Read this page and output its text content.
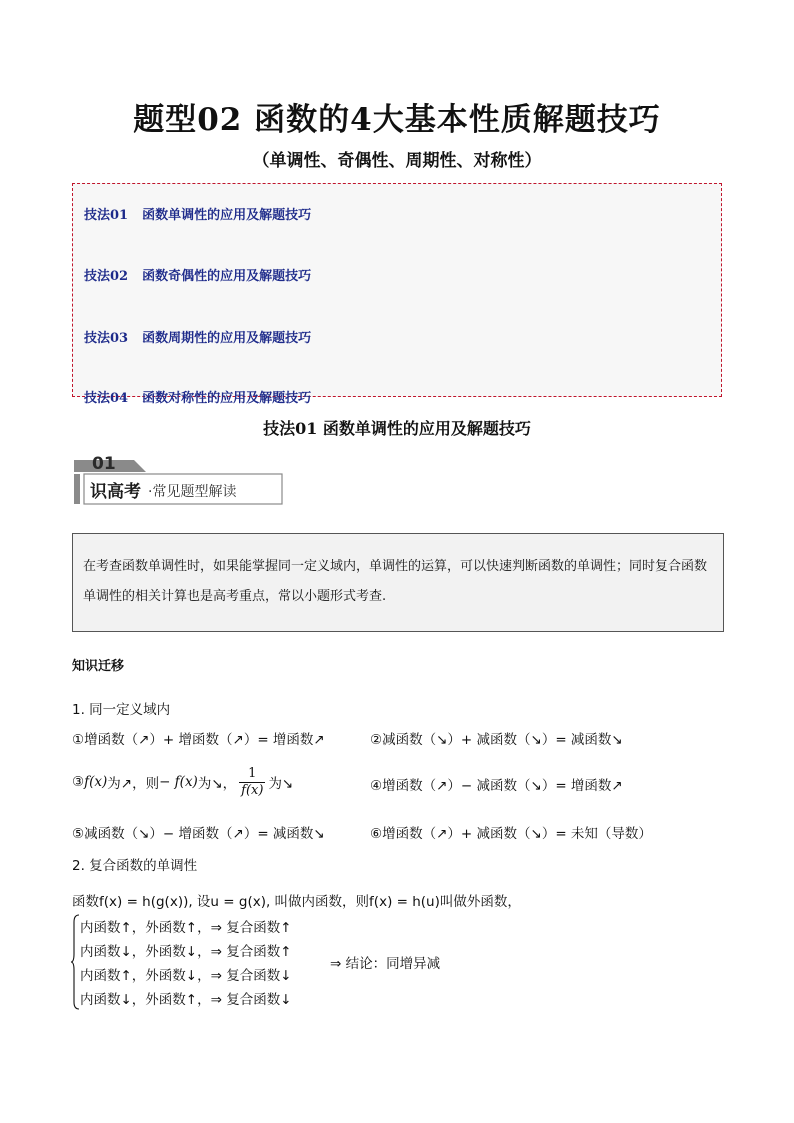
题型02 函数的4大基本性质解题技巧
（单调性、奇偶性、周期性、对称性）
技法01 函数单调性的应用及解题技巧
技法02 函数奇偶性的应用及解题技巧
技法03 函数周期性的应用及解题技巧
技法04 函数对称性的应用及解题技巧
技法01 函数单调性的应用及解题技巧
01
识高考 ·常见题型解读
在考查函数单调性时，如果能掌握同一定义域内，单调性的运算，可以快速判断函数的单调性；同时复合函数单调性的相关计算也是高考重点，常以小题形式考查.
知识迁移
1. 同一定义域内
①增函数（↗）+ 增函数（↗）= 增函数↗	②减函数（↘）+ 减函数（↘）= 减函数↘
③ f(x) 为↗，则 − f(x) 为↘， $\frac{1}{f(x)}$ 为↘	④增函数（↗）− 减函数（↘）= 增函数↗
⑤减函数（↘）− 增函数（↗）= 减函数↘	⑥增函数（↗）+ 减函数（↘）= 未知（导数）
2. 复合函数的单调性
函数f(x) = h(g(x)), 设u = g(x), 叫做内函数，则f(x) = h(u)叫做外函数，
内函数↑，外函数↑，⇒ 复合函数↑
内函数↓，外函数↓，⇒ 复合函数↑
内函数↑，外函数↓，⇒ 复合函数↓
内函数↓，外函数↑，⇒ 复合函数↓
⇒ 结论：同增异减
